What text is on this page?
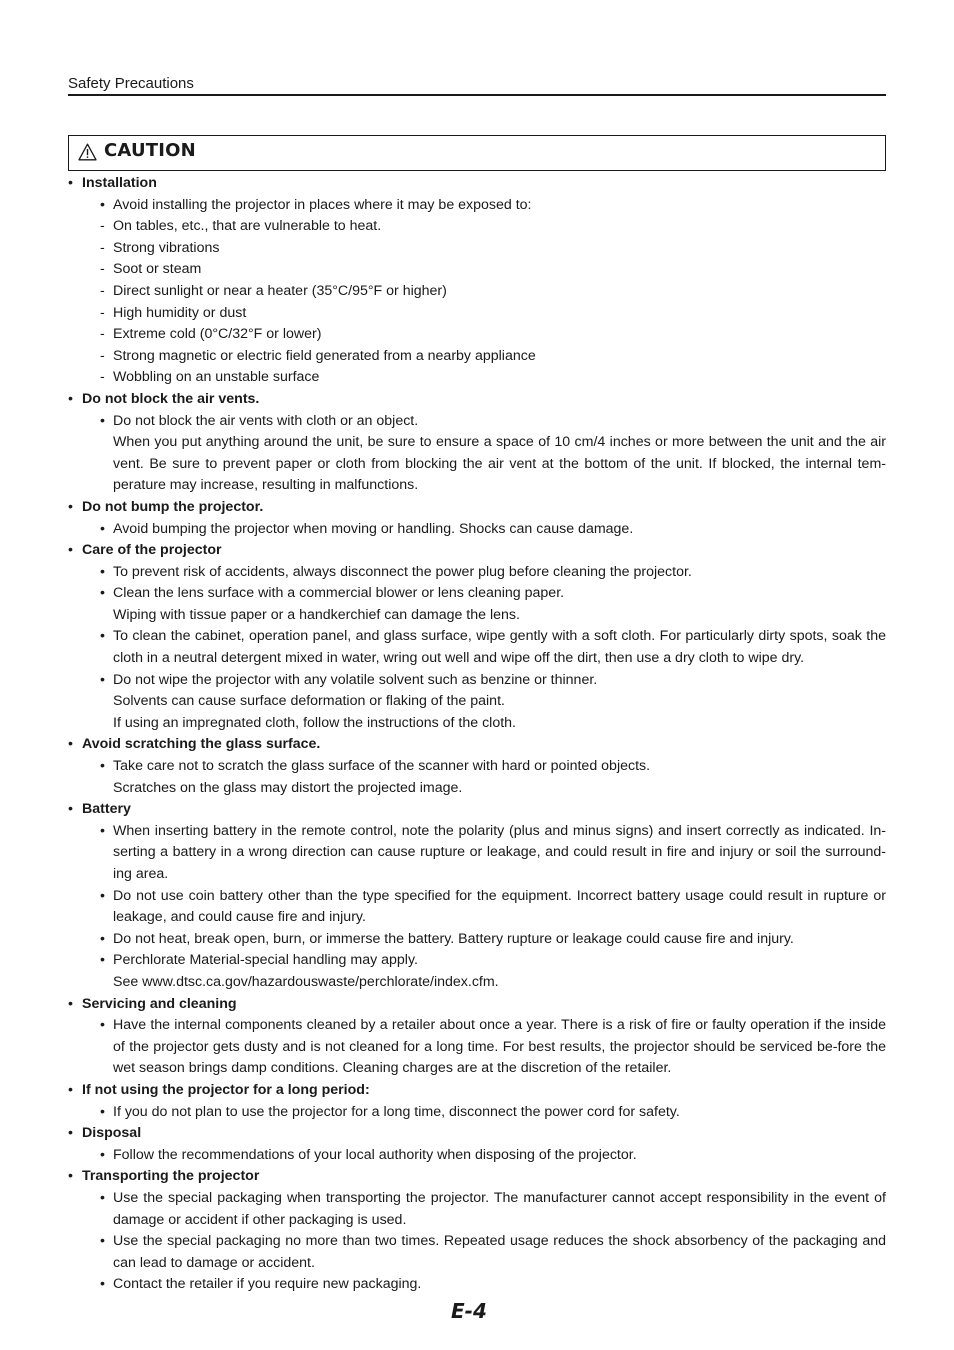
Safety Precautions
CAUTION
• Installation
• Avoid installing the projector in places where it may be exposed to:
- On tables, etc., that are vulnerable to heat.
- Strong vibrations
- Soot or steam
- Direct sunlight or near a heater (35°C/95°F or higher)
- High humidity or dust
- Extreme cold (0°C/32°F or lower)
- Strong magnetic or electric field generated from a nearby appliance
- Wobbling on an unstable surface
• Do not block the air vents.
• Do not block the air vents with cloth or an object.
When you put anything around the unit, be sure to ensure a space of 10 cm/4 inches or more between the unit and the air vent. Be sure to prevent paper or cloth from blocking the air vent at the bottom of the unit. If blocked, the internal tem-perature may increase, resulting in malfunctions.
• Do not bump the projector.
• Avoid bumping the projector when moving or handling. Shocks can cause damage.
• Care of the projector
• To prevent risk of accidents, always disconnect the power plug before cleaning the projector.
• Clean the lens surface with a commercial blower or lens cleaning paper.
Wiping with tissue paper or a handkerchief can damage the lens.
• To clean the cabinet, operation panel, and glass surface, wipe gently with a soft cloth. For particularly dirty spots, soak the cloth in a neutral detergent mixed in water, wring out well and wipe off the dirt, then use a dry cloth to wipe dry.
• Do not wipe the projector with any volatile solvent such as benzine or thinner.
Solvents can cause surface deformation or flaking of the paint.
If using an impregnated cloth, follow the instructions of the cloth.
• Avoid scratching the glass surface.
• Take care not to scratch the glass surface of the scanner with hard or pointed objects.
Scratches on the glass may distort the projected image.
• Battery
• When inserting battery in the remote control, note the polarity (plus and minus signs) and insert correctly as indicated. In-serting a battery in a wrong direction can cause rupture or leakage, and could result in fire and injury or soil the surround-ing area.
• Do not use coin battery other than the type specified for the equipment. Incorrect battery usage could result in rupture or leakage, and could cause fire and injury.
• Do not heat, break open, burn, or immerse the battery. Battery rupture or leakage could cause fire and injury.
• Perchlorate Material-special handling may apply.
See www.dtsc.ca.gov/hazardouswaste/perchlorate/index.cfm.
• Servicing and cleaning
• Have the internal components cleaned by a retailer about once a year. There is a risk of fire or faulty operation if the inside of the projector gets dusty and is not cleaned for a long time. For best results, the projector should be serviced be-fore the wet season brings damp conditions. Cleaning charges are at the discretion of the retailer.
• If not using the projector for a long period:
• If you do not plan to use the projector for a long time, disconnect the power cord for safety.
• Disposal
• Follow the recommendations of your local authority when disposing of the projector.
• Transporting the projector
• Use the special packaging when transporting the projector. The manufacturer cannot accept responsibility in the event of damage or accident if other packaging is used.
• Use the special packaging no more than two times. Repeated usage reduces the shock absorbency of the packaging and can lead to damage or accident.
• Contact the retailer if you require new packaging.
E-4
